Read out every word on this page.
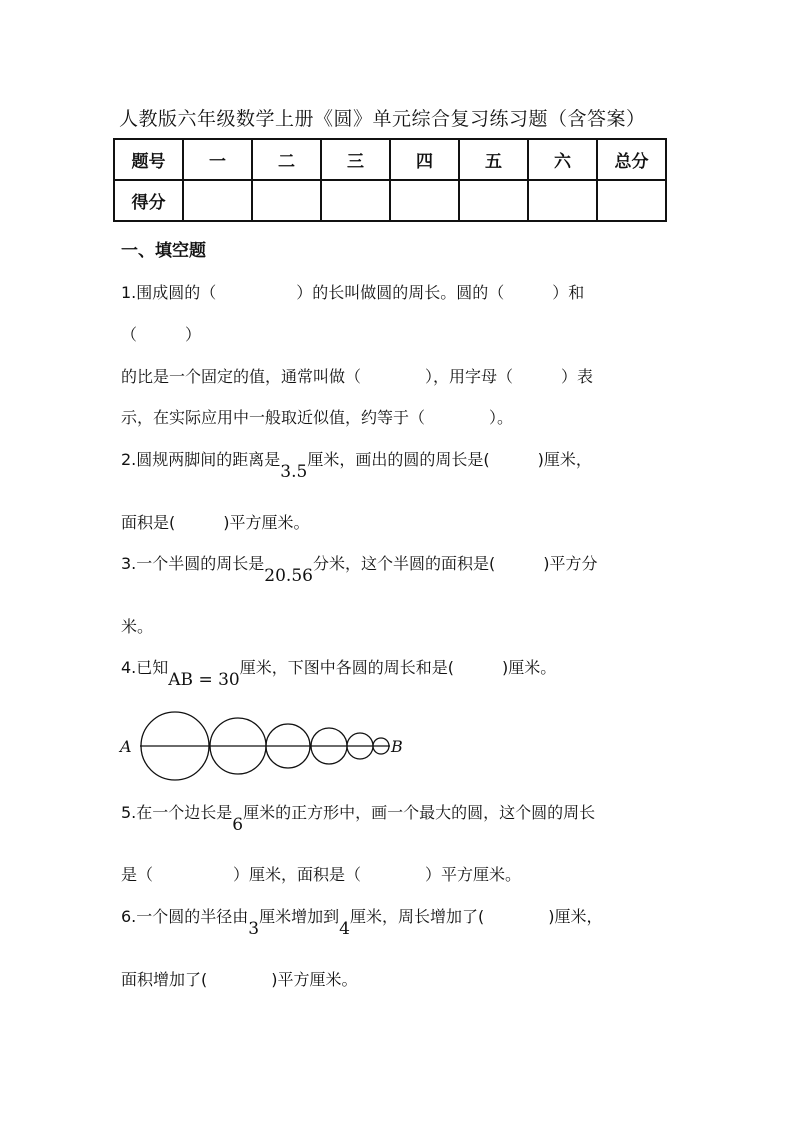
人教版六年级数学上册《圆》单元综合复习练习题（含答案）
题号	一	二	三	四	五	六	总分
得分							
一、填空题
1.围成圆的（　　　　　）的长叫做圆的周长。圆的（　　　）和
（　　　）
的比是一个固定的值，通常叫做（　　　　），用字母（　　　）表
示，在实际应用中一般取近似值，约等于（　　　　）。
2.圆规两脚间的距离是3.5厘米，画出的圆的周长是(　　　)厘米，
面积是(　　　)平方厘米。
3.一个半圆的周长是20.56分米，这个半圆的面积是(　　　)平方分
米。
4.已知AB = 30厘米，下图中各圆的周长和是(　　　)厘米。
A	B
5.在一个边长是6厘米的正方形中，画一个最大的圆，这个圆的周长
是（　　　　　）厘米，面积是（　　　　）平方厘米。
6.一个圆的半径由3厘米增加到4厘米，周长增加了(　　　　)厘米，
面积增加了(　　　　)平方厘米。
